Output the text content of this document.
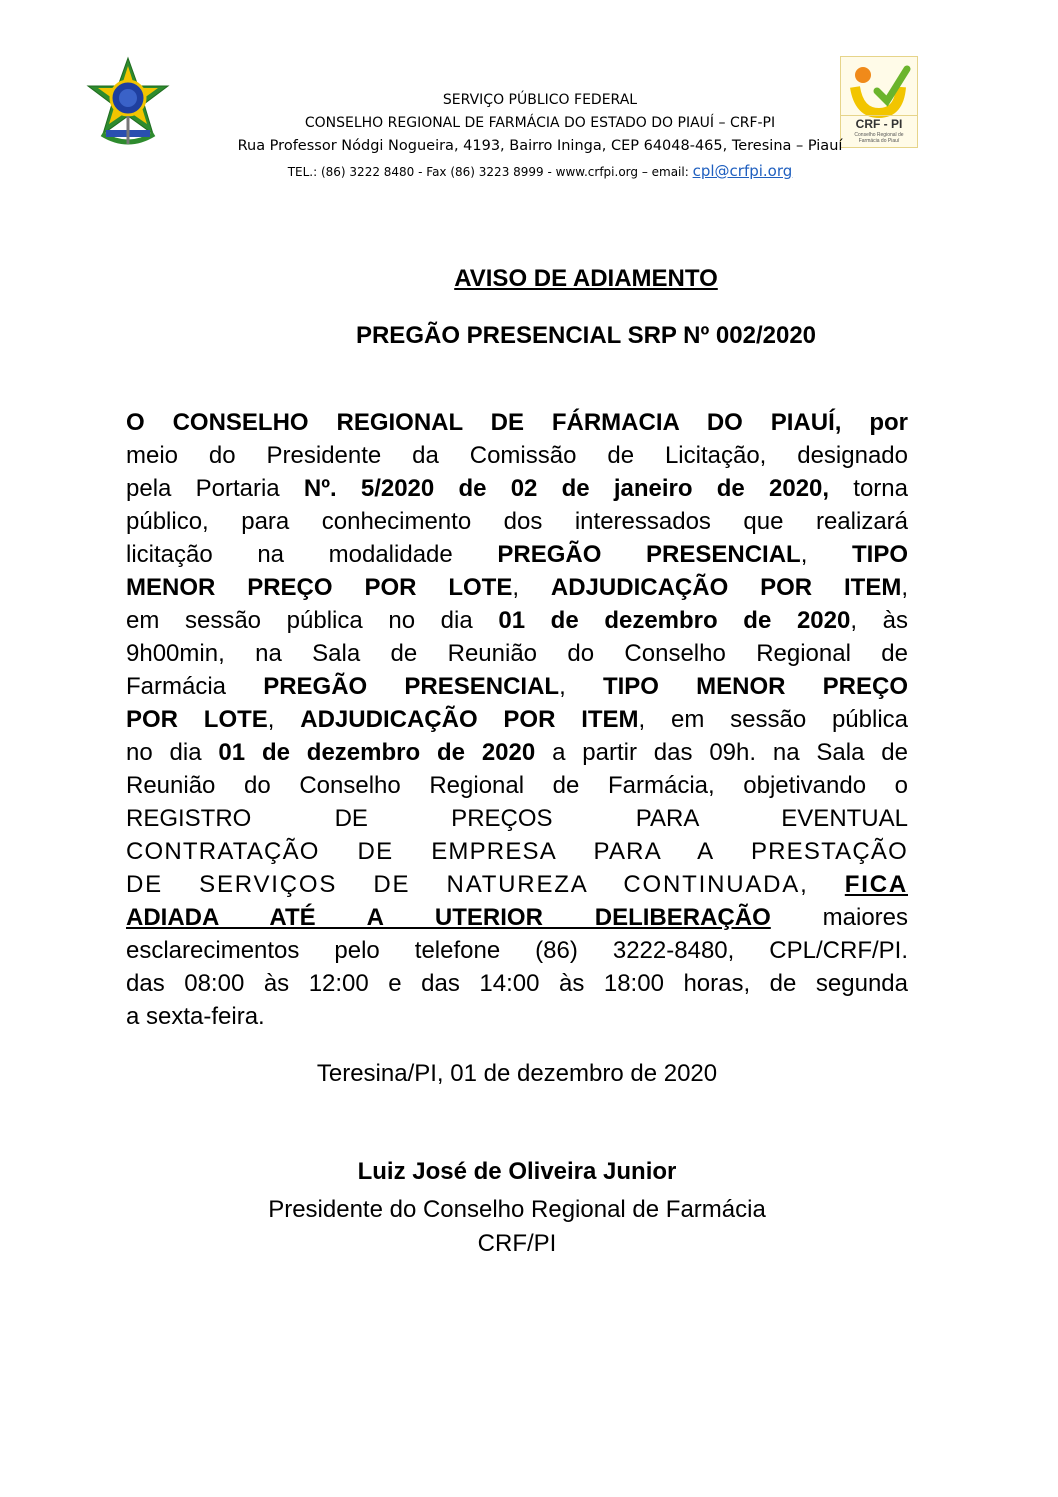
CRF - PI
Conselho Regional de Farmácia do Piauí
SERVIÇO PÚBLICO FEDERAL
CONSELHO REGIONAL DE FARMÁCIA DO ESTADO DO PIAUÍ – CRF-PI
Rua Professor Nódgi Nogueira, 4193, Bairro Ininga, CEP 64048-465, Teresina – Piauí
TEL.: (86) 3222 8480 - Fax (86) 3223 8999 - www.crfpi.org – email: cpl@crfpi.org
AVISO DE ADIAMENTO
PREGÃO PRESENCIAL SRP Nº 002/2020
O CONSELHO REGIONAL DE FÁRMACIA DO PIAUÍ, por
meio do Presidente da Comissão de Licitação, designado
pela Portaria Nº. 5/2020 de 02 de janeiro de 2020, torna
público, para conhecimento dos interessados que realizará
licitação na modalidade PREGÃO PRESENCIAL, TIPO
MENOR PREÇO POR LOTE, ADJUDICAÇÃO POR ITEM,
em sessão pública no dia 01 de dezembro de 2020, às
9h00min, na Sala de Reunião do Conselho Regional de
Farmácia PREGÃO PRESENCIAL, TIPO MENOR PREÇO
POR LOTE, ADJUDICAÇÃO POR ITEM, em sessão pública
no dia 01 de dezembro de 2020 a partir das 09h. na Sala de
Reunião do Conselho Regional de Farmácia, objetivando o
REGISTRO DE PREÇOS PARA EVENTUAL
CONTRATAÇÃO DE EMPRESA PARA A PRESTAÇÃO
DE SERVIÇOS DE NATUREZA CONTINUADA, FICA
ADIADA ATÉ A UTERIOR DELIBERAÇÃO maiores
esclarecimentos pelo telefone (86) 3222-8480, CPL/CRF/PI.
das 08:00 às 12:00 e das 14:00 às 18:00 horas, de segunda
a sexta-feira.
Teresina/PI, 01 de dezembro de 2020
Luiz José de Oliveira Junior
Presidente do Conselho Regional de Farmácia
CRF/PI
